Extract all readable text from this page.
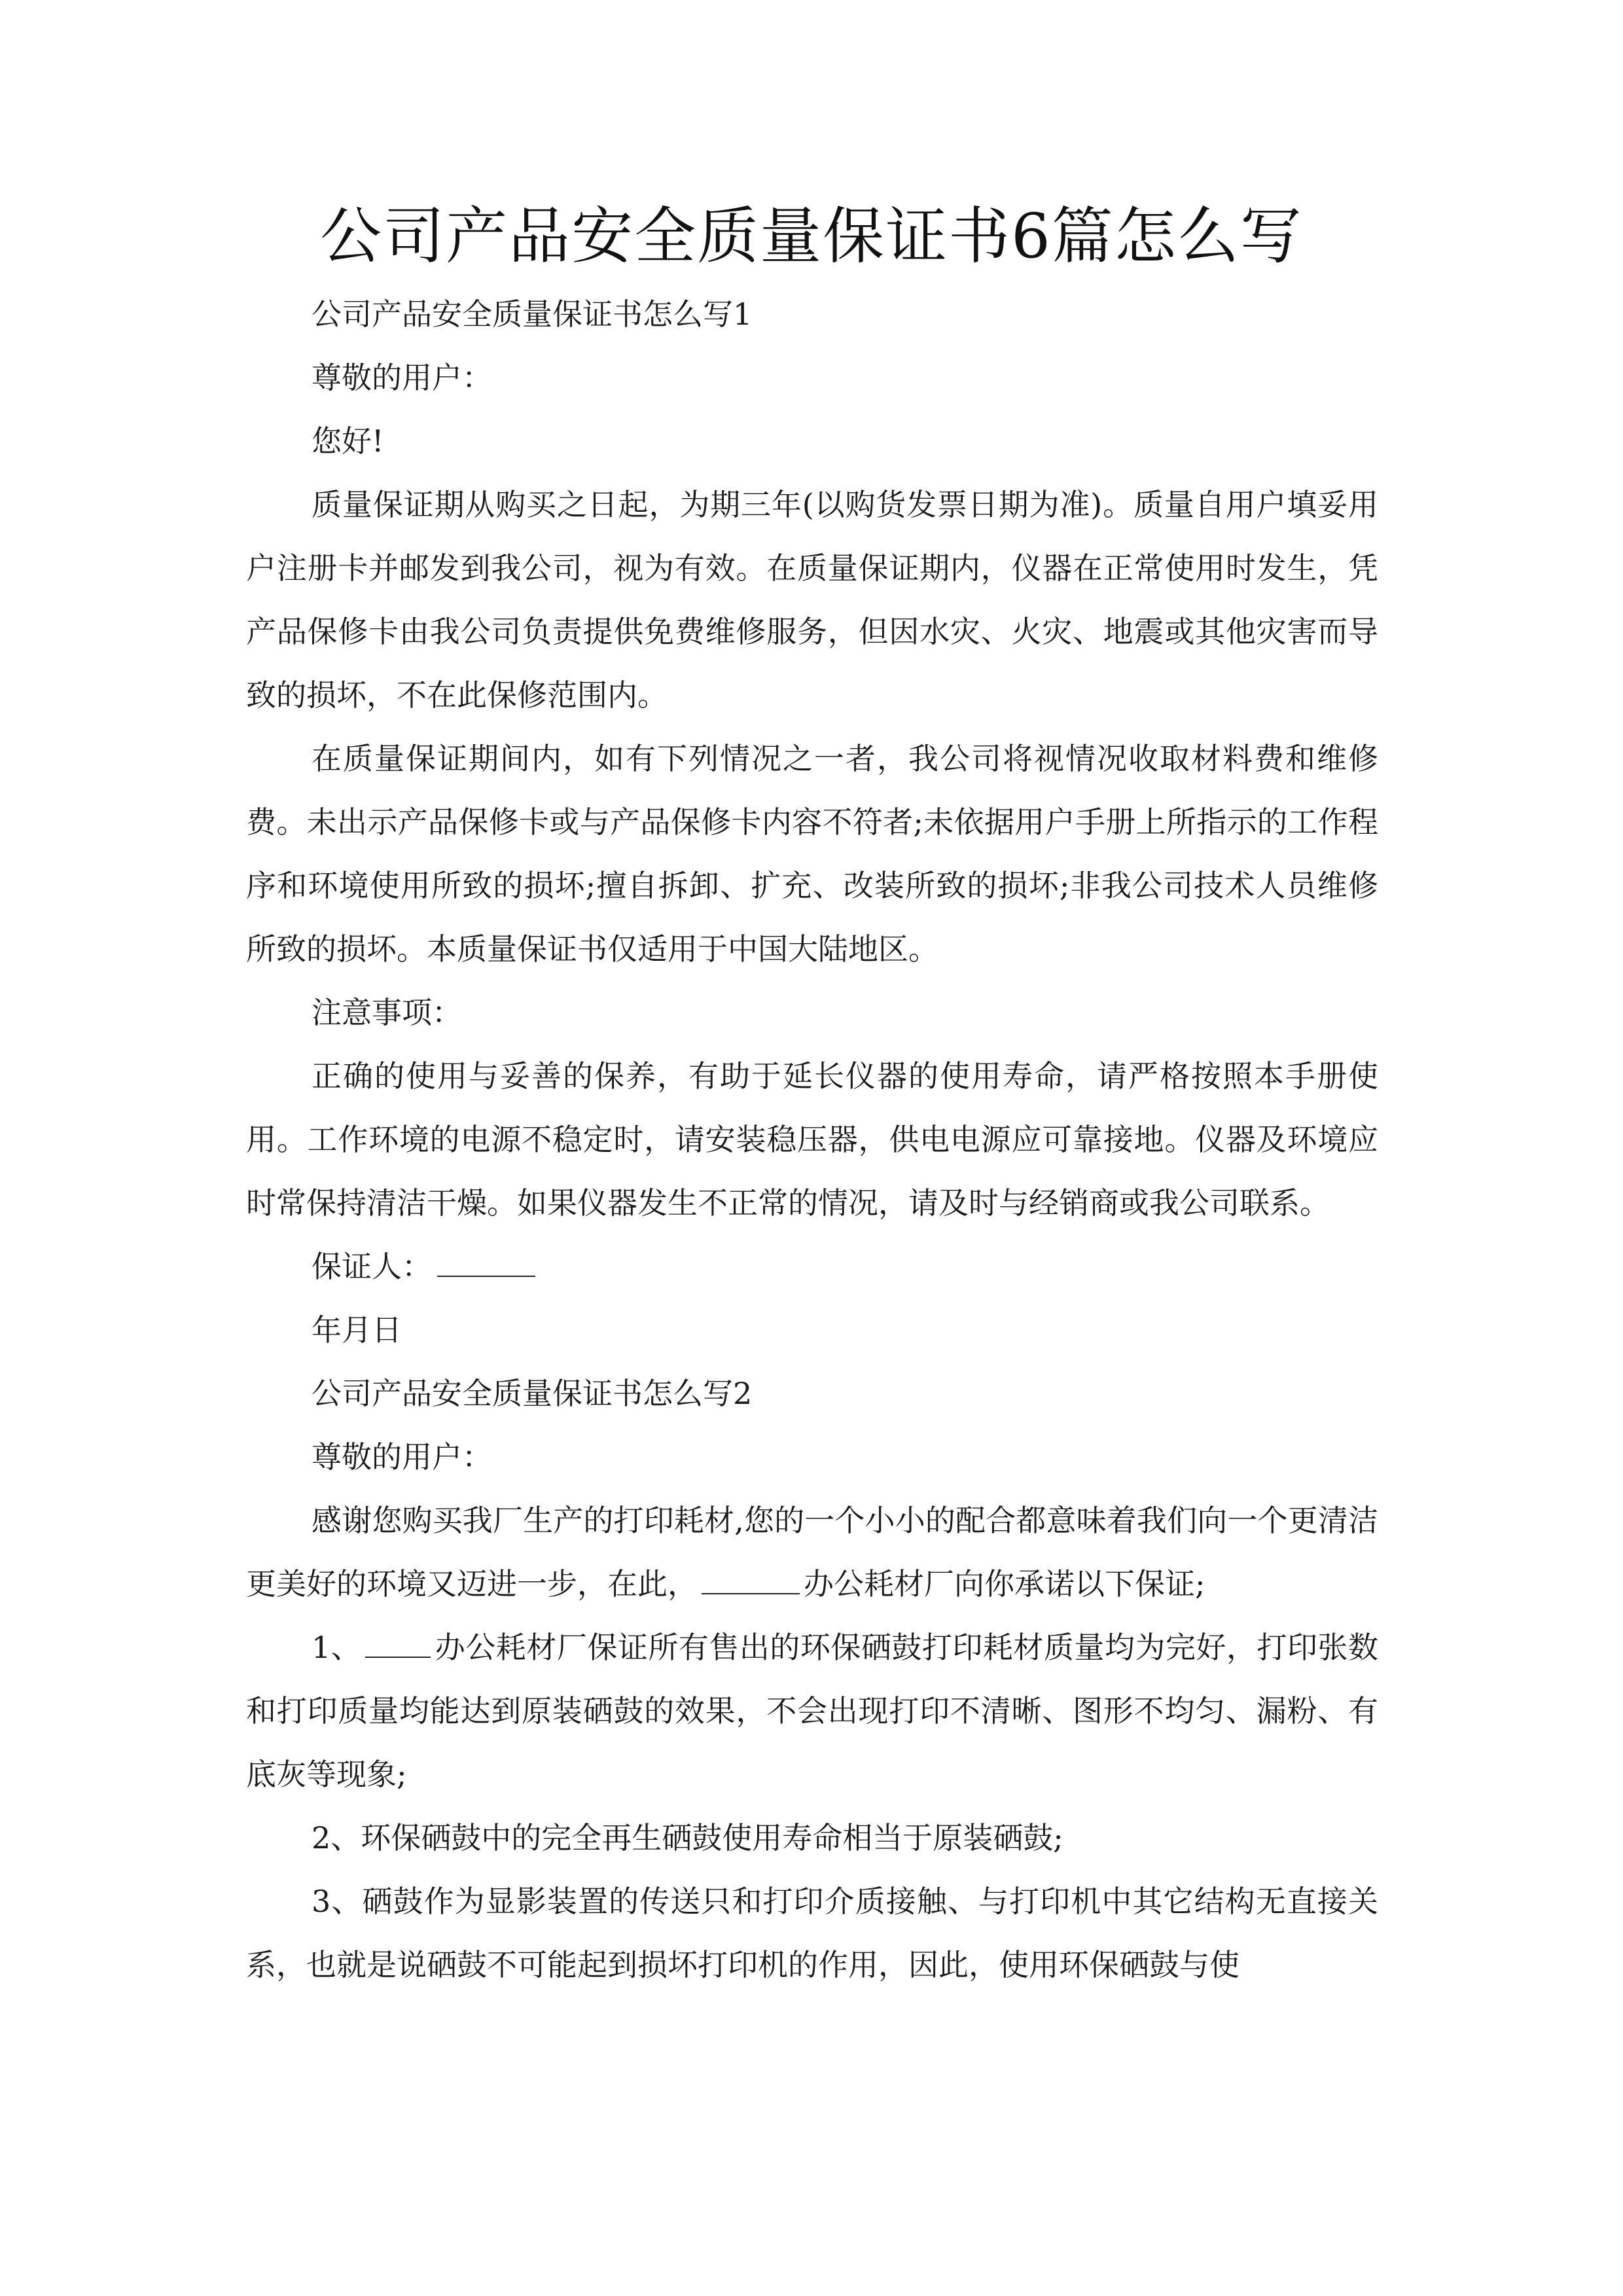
公司产品安全质量保证书6篇怎么写

公司产品安全质量保证书怎么写1

尊敬的用户：

您好!

质量保证期从购买之日起，为期三年(以购货发票日期为准)。质量自用户填妥用户注册卡并邮发到我公司，视为有效。在质量保证期内，仪器在正常使用时发生，凭产品保修卡由我公司负责提供免费维修服务，但因水灾、火灾、地震或其他灾害而导致的损坏，不在此保修范围内。

在质量保证期间内，如有下列情况之一者，我公司将视情况收取材料费和维修费。未出示产品保修卡或与产品保修卡内容不符者;未依据用户手册上所指示的工作程序和环境使用所致的损坏;擅自拆卸、扩充、改装所致的损坏;非我公司技术人员维修所致的损坏。本质量保证书仅适用于中国大陆地区。

注意事项：

正确的使用与妥善的保养，有助于延长仪器的使用寿命，请严格按照本手册使用。工作环境的电源不稳定时，请安装稳压器，供电电源应可靠接地。仪器及环境应时常保持清洁干燥。如果仪器发生不正常的情况，请及时与经销商或我公司联系。

保证人：

年月日

公司产品安全质量保证书怎么写2

尊敬的用户：

感谢您购买我厂生产的打印耗材,您的一个小小的配合都意味着我们向一个更清洁更美好的环境又迈进一步，在此，	办公耗材厂向你承诺以下保证;

1、 办公耗材厂保证所有售出的环保硒鼓打印耗材质量均为完好，打印张数和打印质量均能达到原装硒鼓的效果，不会出现打印不清晰、图形不均匀、漏粉、有底灰等现象;

2、环保硒鼓中的完全再生硒鼓使用寿命相当于原装硒鼓;

3、硒鼓作为显影装置的传送只和打印介质接触、与打印机中其它结构无直接关系，也就是说硒鼓不可能起到损坏打印机的作用，因此，使用环保硒鼓与使
